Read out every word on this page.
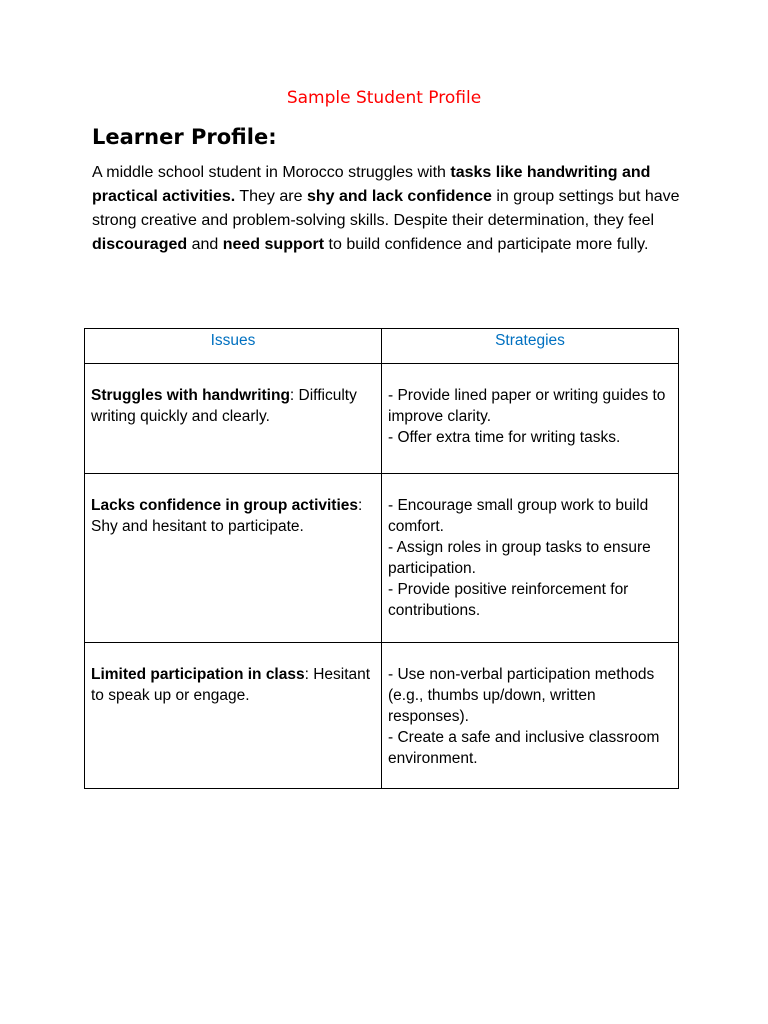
Sample Student Profile
Learner Profile:

A middle school student in Morocco struggles with tasks like handwriting and practical activities. They are shy and lack confidence in group settings but have strong creative and problem-solving skills. Despite their determination, they feel discouraged and need support to build confidence and participate more fully.

Issues	Strategies
Struggles with handwriting: Difficulty writing quickly and clearly.	- Provide lined paper or writing guides to improve clarity.
- Offer extra time for writing tasks.

Lacks confidence in group activities: Shy and hesitant to participate.	- Encourage small group work to build comfort.
- Assign roles in group tasks to ensure participation.
- Provide positive reinforcement for contributions.

Limited participation in class: Hesitant to speak up or engage.	- Use non-verbal participation methods (e.g., thumbs up/down, written responses).
- Create a safe and inclusive classroom environment.
